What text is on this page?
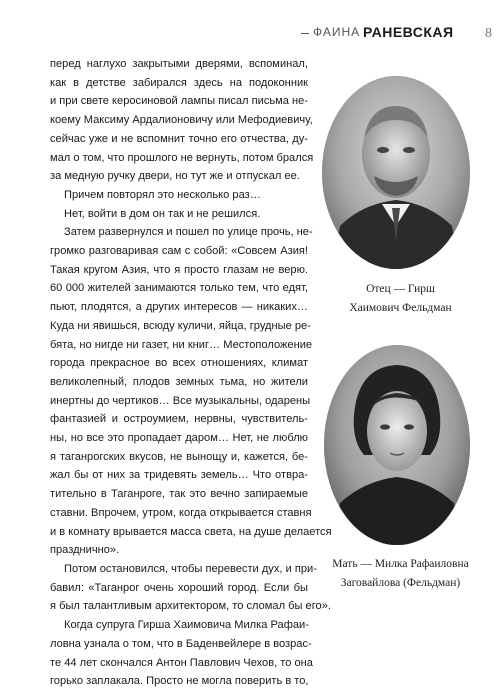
ФАИНА РАНЕВСКАЯ 8
перед наглухо закрытыми дверями, вспоминал,
как в детстве забирался здесь на подоконник
и при свете керосиновой лампы писал письма не-
коему Максиму Ардалионовичу или Мефодиевичу,
сейчас уже и не вспомнит точно его отчества, ду-
мал о том, что прошлого не вернуть, потом брался
за медную ручку двери, но тут же и отпускал ее.
Причем повторял это несколько раз…
Нет, войти в дом он так и не решился.
Затем развернулся и пошел по улице прочь, не-
громко разговаривая сам с собой: «Совсем Азия!
Такая кругом Азия, что я просто глазам не верю.
60 000 жителей занимаются только тем, что едят,
пьют, плодятся, а других интересов — никаких…
Куда ни явишься, всюду куличи, яйца, грудные ре-
бята, но нигде ни газет, ни книг… Местоположение
города прекрасное во всех отношениях, климат
великолепный, плодов земных тьма, но жители
инертны до чертиков… Все музыкальны, одарены
фантазией и остроумием, нервны, чувствитель-
ны, но все это пропадает даром… Нет, не люблю
я таганрогских вкусов, не вынощу и, кажется, бе-
жал бы от них за тридевять земель… Что отвра-
тительно в Таганроге, так это вечно запираемые
ставни. Впрочем, утром, когда открывается ставня
и в комнату врывается масса света, на душе делается
празднично».
Потом остановился, чтобы перевести дух, и при-
бавил: «Таганрог очень хороший город. Если бы
я был талантливым архитектором, то сломал бы его».
Когда супруга Гирша Хаимовича Милка Рафаи-
ловна узнала о том, что в Баденвейлере в возрас-
те 44 лет скончался Антон Павлович Чехов, то она
горько заплакала. Просто не могла поверить в то,
Отец — Гирш
Хаимович Фельдман
Мать — Милка Рафаиловна
Заговайлова (Фельдман)
